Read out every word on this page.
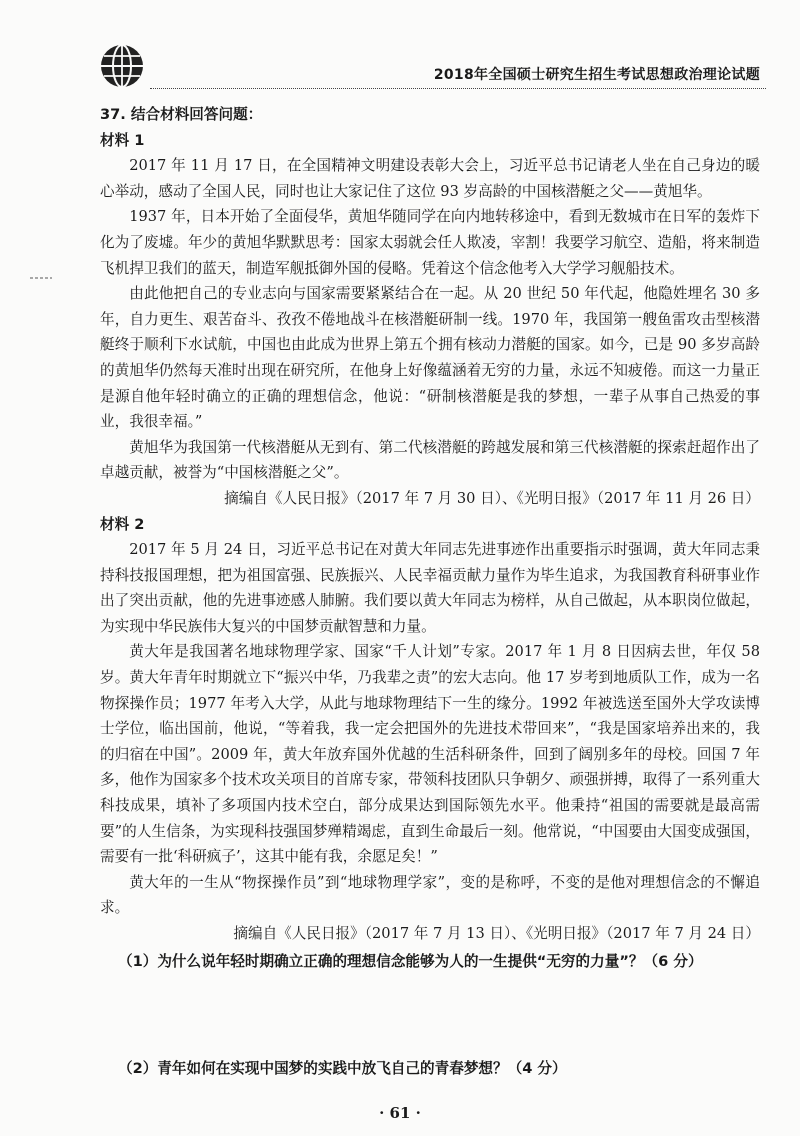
2018年全国硕士研究生招生考试思想政治理论试题

37. 结合材料回答问题：

材料 1

2017 年 11 月 17 日，在全国精神文明建设表彰大会上，习近平总书记请老人坐在自己身边的暖心举动，感动了全国人民，同时也让大家记住了这位 93 岁高龄的中国核潜艇之父——黄旭华。

1937 年，日本开始了全面侵华，黄旭华随同学在向内地转移途中，看到无数城市在日军的轰炸下化为了废墟。年少的黄旭华默默思考：国家太弱就会任人欺凌，宰割！我要学习航空、造船，将来制造飞机捍卫我们的蓝天，制造军舰抵御外国的侵略。凭着这个信念他考入大学学习舰船技术。

由此他把自己的专业志向与国家需要紧紧结合在一起。从 20 世纪 50 年代起，他隐姓埋名 30 多年，自力更生、艰苦奋斗、孜孜不倦地战斗在核潜艇研制一线。1970 年，我国第一艘鱼雷攻击型核潜艇终于顺利下水试航，中国也由此成为世界上第五个拥有核动力潜艇的国家。如今，已是 90 多岁高龄的黄旭华仍然每天准时出现在研究所，在他身上好像蕴涵着无穷的力量，永远不知疲倦。而这一力量正是源自他年轻时确立的正确的理想信念，他说：“研制核潜艇是我的梦想，一辈子从事自己热爱的事业，我很幸福。”

黄旭华为我国第一代核潜艇从无到有、第二代核潜艇的跨越发展和第三代核潜艇的探索赶超作出了卓越贡献，被誉为“中国核潜艇之父”。

摘编自《人民日报》（2017 年 7 月 30 日）、《光明日报》（2017 年 11 月 26 日）

材料 2

2017 年 5 月 24 日，习近平总书记在对黄大年同志先进事迹作出重要指示时强调，黄大年同志秉持科技报国理想，把为祖国富强、民族振兴、人民幸福贡献力量作为毕生追求，为我国教育科研事业作出了突出贡献，他的先进事迹感人肺腑。我们要以黄大年同志为榜样，从自己做起，从本职岗位做起，为实现中华民族伟大复兴的中国梦贡献智慧和力量。

黄大年是我国著名地球物理学家、国家“千人计划”专家。2017 年 1 月 8 日因病去世，年仅 58 岁。黄大年青年时期就立下“振兴中华，乃我辈之责”的宏大志向。他 17 岁考到地质队工作，成为一名物探操作员；1977 年考入大学，从此与地球物理结下一生的缘分。1992 年被选送至国外大学攻读博士学位，临出国前，他说，“等着我，我一定会把国外的先进技术带回来”，“我是国家培养出来的，我的归宿在中国”。2009 年，黄大年放弃国外优越的生活科研条件，回到了阔别多年的母校。回国 7 年多，他作为国家多个技术攻关项目的首席专家，带领科技团队只争朝夕、顽强拼搏，取得了一系列重大科技成果，填补了多项国内技术空白，部分成果达到国际领先水平。他秉持“祖国的需要就是最高需要”的人生信条，为实现科技强国梦殚精竭虑，直到生命最后一刻。他常说，“中国要由大国变成强国，需要有一批‘科研疯子’，这其中能有我，余愿足矣！”

黄大年的一生从“物探操作员”到“地球物理学家”，变的是称呼，不变的是他对理想信念的不懈追求。

摘编自《人民日报》（2017 年 7 月 13 日）、《光明日报》（2017 年 7 月 24 日）

（1）为什么说年轻时期确立正确的理想信念能够为人的一生提供“无穷的力量”？（6 分）

（2）青年如何在实现中国梦的实践中放飞自己的青春梦想？（4 分）

· 61 ·
